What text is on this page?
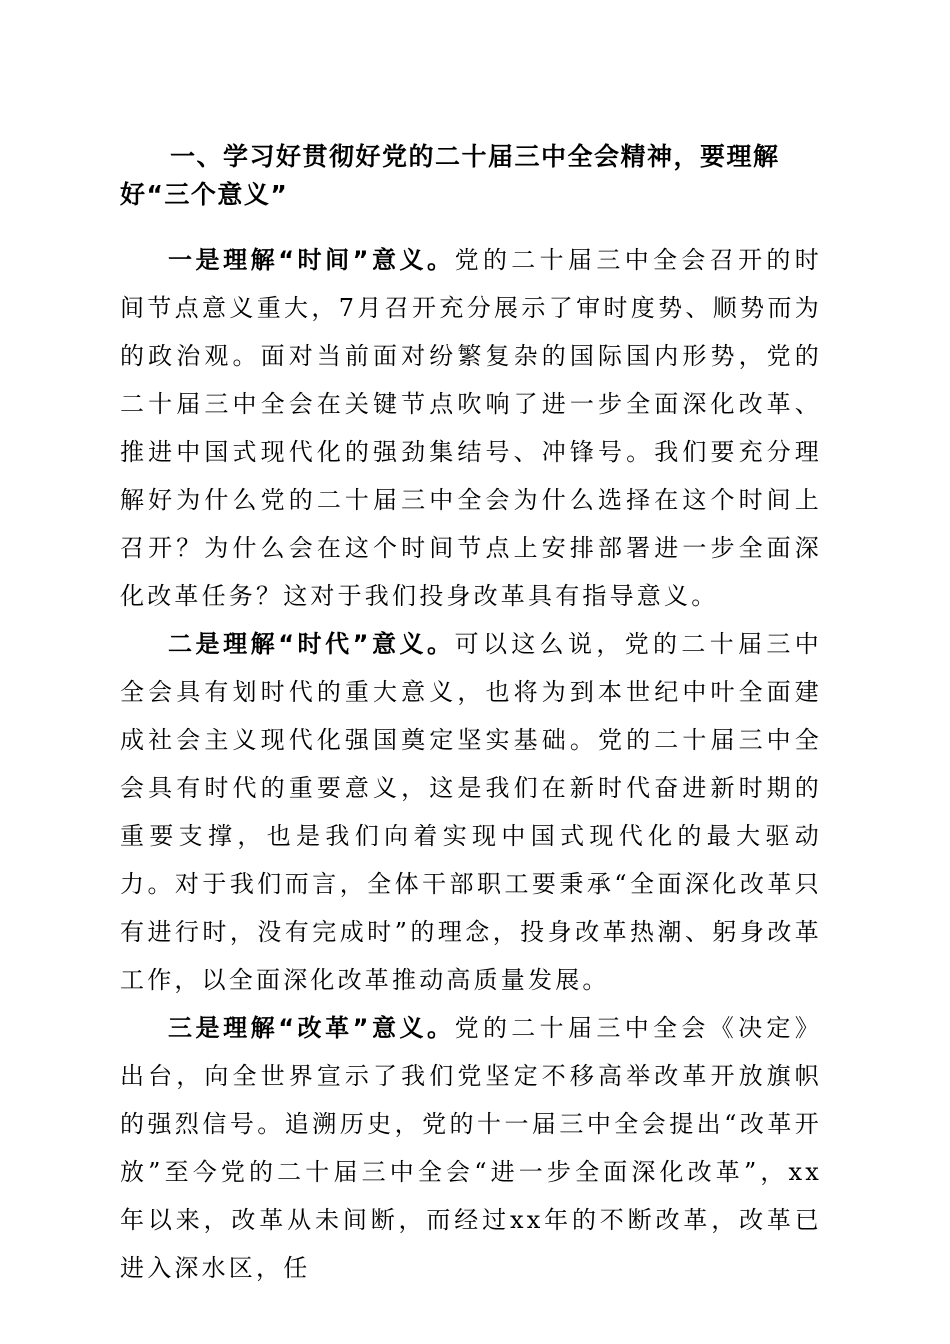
一、学习好贯彻好党的二十届三中全会精神，要理解好“三个意义”

一是理解“时间”意义。党的二十届三中全会召开的时间节点意义重大，7月召开充分展示了审时度势、顺势而为的政治观。面对当前面对纷繁复杂的国际国内形势，党的二十届三中全会在关键节点吹响了进一步全面深化改革、推进中国式现代化的强劲集结号、冲锋号。我们要充分理解好为什么党的二十届三中全会为什么选择在这个时间上召开？为什么会在这个时间节点上安排部署进一步全面深化改革任务？这对于我们投身改革具有指导意义。

二是理解“时代”意义。可以这么说，党的二十届三中全会具有划时代的重大意义，也将为到本世纪中叶全面建成社会主义现代化强国奠定坚实基础。党的二十届三中全会具有时代的重要意义，这是我们在新时代奋进新时期的重要支撑，也是我们向着实现中国式现代化的最大驱动力。对于我们而言，全体干部职工要秉承“全面深化改革只有进行时，没有完成时”的理念，投身改革热潮、躬身改革工作，以全面深化改革推动高质量发展。

三是理解“改革”意义。党的二十届三中全会《决定》出台，向全世界宣示了我们党坚定不移高举改革开放旗帜的强烈信号。追溯历史，党的十一届三中全会提出“改革开放”至今党的二十届三中全会“进一步全面深化改革”，xx年以来，改革从未间断，而经过xx年的不断改革，改革已进入深水区，任
